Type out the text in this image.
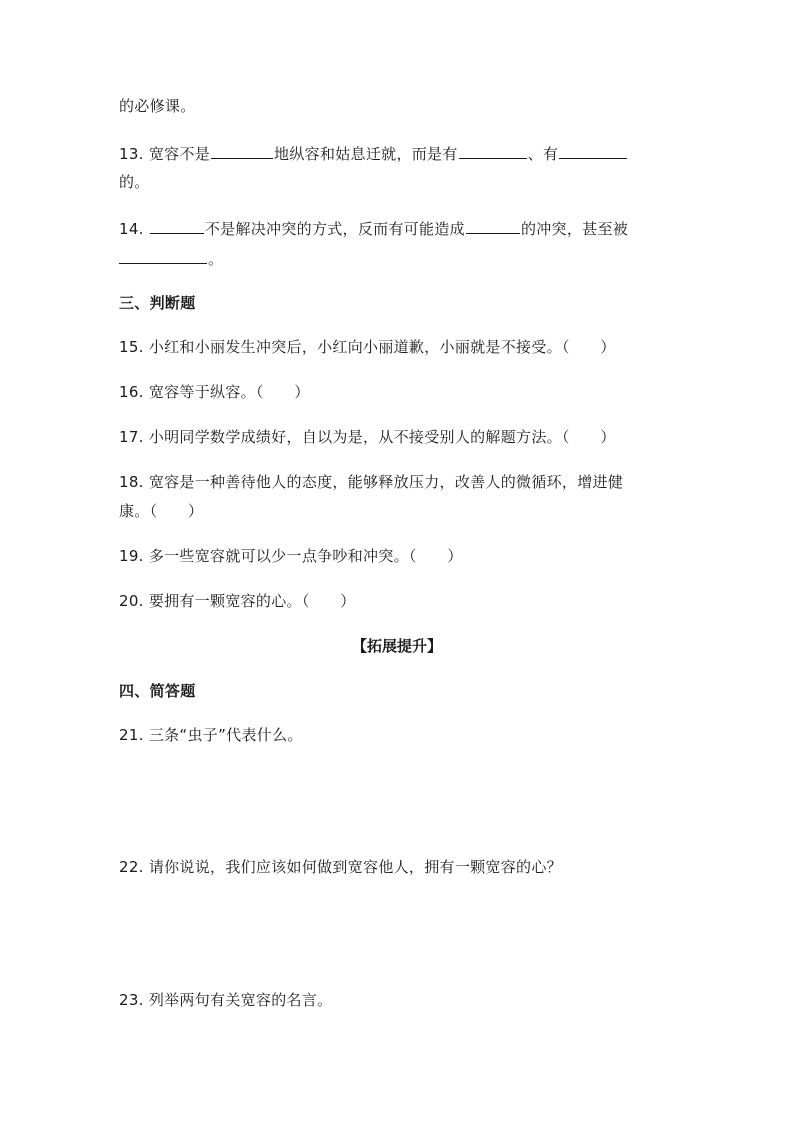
的必修课。
13. 宽容不是	地纵容和姑息迁就，而是有	、有
的。
14.	不是解决冲突的方式，反而有可能造成	的冲突，甚至被
。
三、判断题
15. 小红和小丽发生冲突后，小红向小丽道歉，小丽就是不接受。（　　）
16. 宽容等于纵容。（　　）
17. 小明同学数学成绩好，自以为是，从不接受别人的解题方法。（　　）
18. 宽容是一种善待他人的态度，能够释放压力，改善人的微循环，增进健
康。（　　）
19. 多一些宽容就可以少一点争吵和冲突。（　　）
20. 要拥有一颗宽容的心。（　　）
【拓展提升】
四、简答题
21. 三条“虫子”代表什么。
22. 请你说说，我们应该如何做到宽容他人，拥有一颗宽容的心？
23. 列举两句有关宽容的名言。
